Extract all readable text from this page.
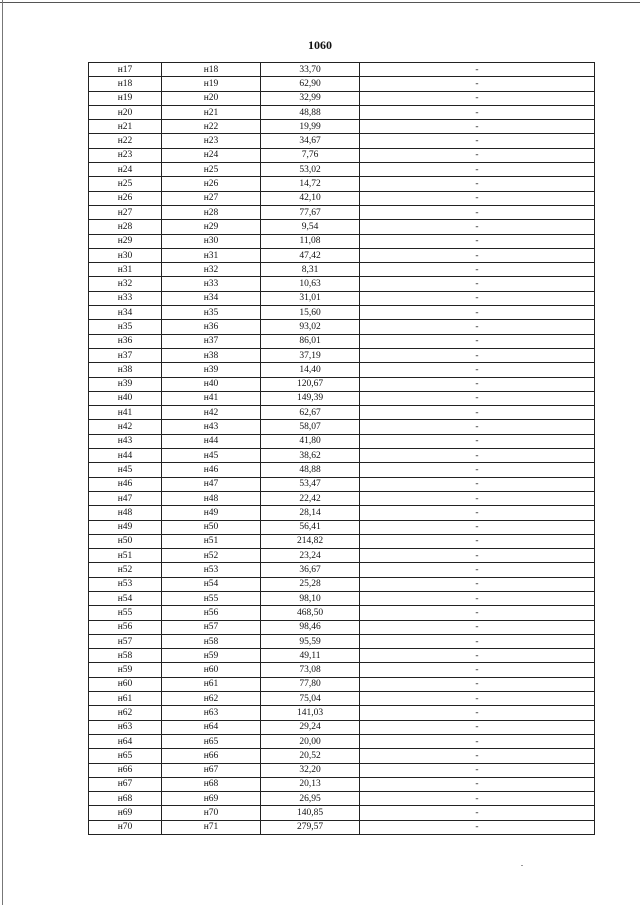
1060
н17	н18	33,70	-
н18	н19	62,90	-
н19	н20	32,99	-
н20	н21	48,88	-
н21	н22	19,99	-
н22	н23	34,67	-
н23	н24	7,76	-
н24	н25	53,02	-
н25	н26	14,72	-
н26	н27	42,10	-
н27	н28	77,67	-
н28	н29	9,54	-
н29	н30	11,08	-
н30	н31	47,42	-
н31	н32	8,31	-
н32	н33	10,63	-
н33	н34	31,01	-
н34	н35	15,60	-
н35	н36	93,02	-
н36	н37	86,01	-
н37	н38	37,19	-
н38	н39	14,40	-
н39	н40	120,67	-
н40	н41	149,39	-
н41	н42	62,67	-
н42	н43	58,07	-
н43	н44	41,80	-
н44	н45	38,62	-
н45	н46	48,88	-
н46	н47	53,47	-
н47	н48	22,42	-
н48	н49	28,14	-
н49	н50	56,41	-
н50	н51	214,82	-
н51	н52	23,24	-
н52	н53	36,67	-
н53	н54	25,28	-
н54	н55	98,10	-
н55	н56	468,50	-
н56	н57	98,46	-
н57	н58	95,59	-
н58	н59	49,11	-
н59	н60	73,08	-
н60	н61	77,80	-
н61	н62	75,04	-
н62	н63	141,03	-
н63	н64	29,24	-
н64	н65	20,00	-
н65	н66	20,52	-
н66	н67	32,20	-
н67	н68	20,13	-
н68	н69	26,95	-
н69	н70	140,85	-
н70	н71	279,57	-
